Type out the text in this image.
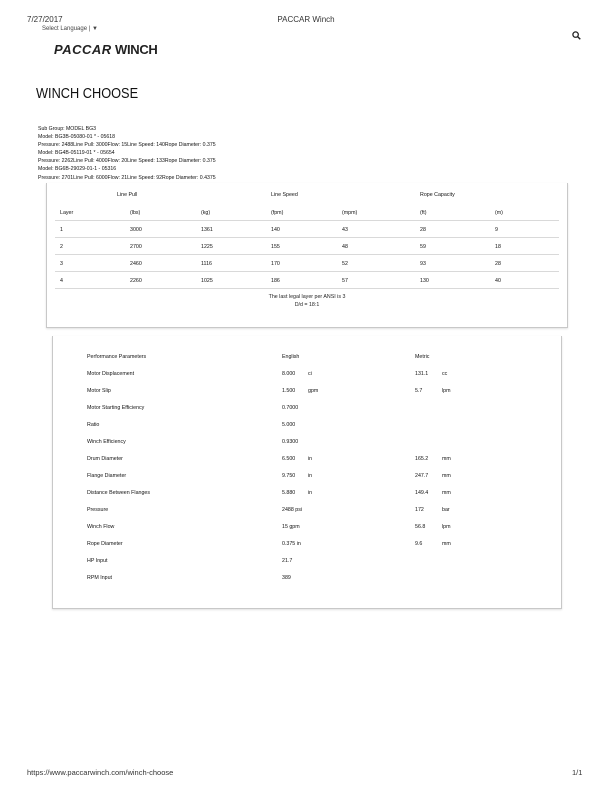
7/27/2017	PACCAR Winch
Select Language | ▼
PACCAR WINCH
WINCH CHOOSE
Sub Group: MODEL BG3
Model: BG3B-05080-01 * - 05618
Pressure: 2488Line Pull: 3000Flow: 15Line Speed: 140Rope Diameter: 0.375
Model: BG4B-05119-01 * - 05654
Pressure: 2262Line Pull: 4000Flow: 20Line Speed: 133Rope Diameter: 0.375
Model: BG6B-29029-01-1 - 05316
Pressure: 2701Line Pull: 6000Flow: 21Line Speed: 92Rope Diameter: 0.4375
Line Pull	Line Speed	Rope Capacity
Layer	(lbs)	(kg)	(fpm)	(mpm)	(ft)	(m)
1	3000	1361	140	43	28	9
2	2700	1225	155	48	59	18
3	2460	1116	170	52	93	28
4	2260	1025	186	57	130	40
The last legal layer per ANSI is 3
D/d = 18:1
Performance Parameters	English	Metric
Motor Displacement	8.000 ci	131.1	cc
Motor Slip	1.500 gpm	5.7	lpm
Motor Starting Efficiency	0.7000
Ratio	5.000
Winch Efficiency	0.9300
Drum Diameter	6.500 in	165.2	mm
Flange Diameter	9.750 in	247.7	mm
Distance Between Flanges	5.880 in	149.4	mm
Pressure	2488 psi	172	bar
Winch Flow	15 gpm	56.8	lpm
Rope Diameter	0.375 in	9.6	mm
HP Input	21.7
RPM Input	389
https://www.paccarwinch.com/winch-choose	1/1
